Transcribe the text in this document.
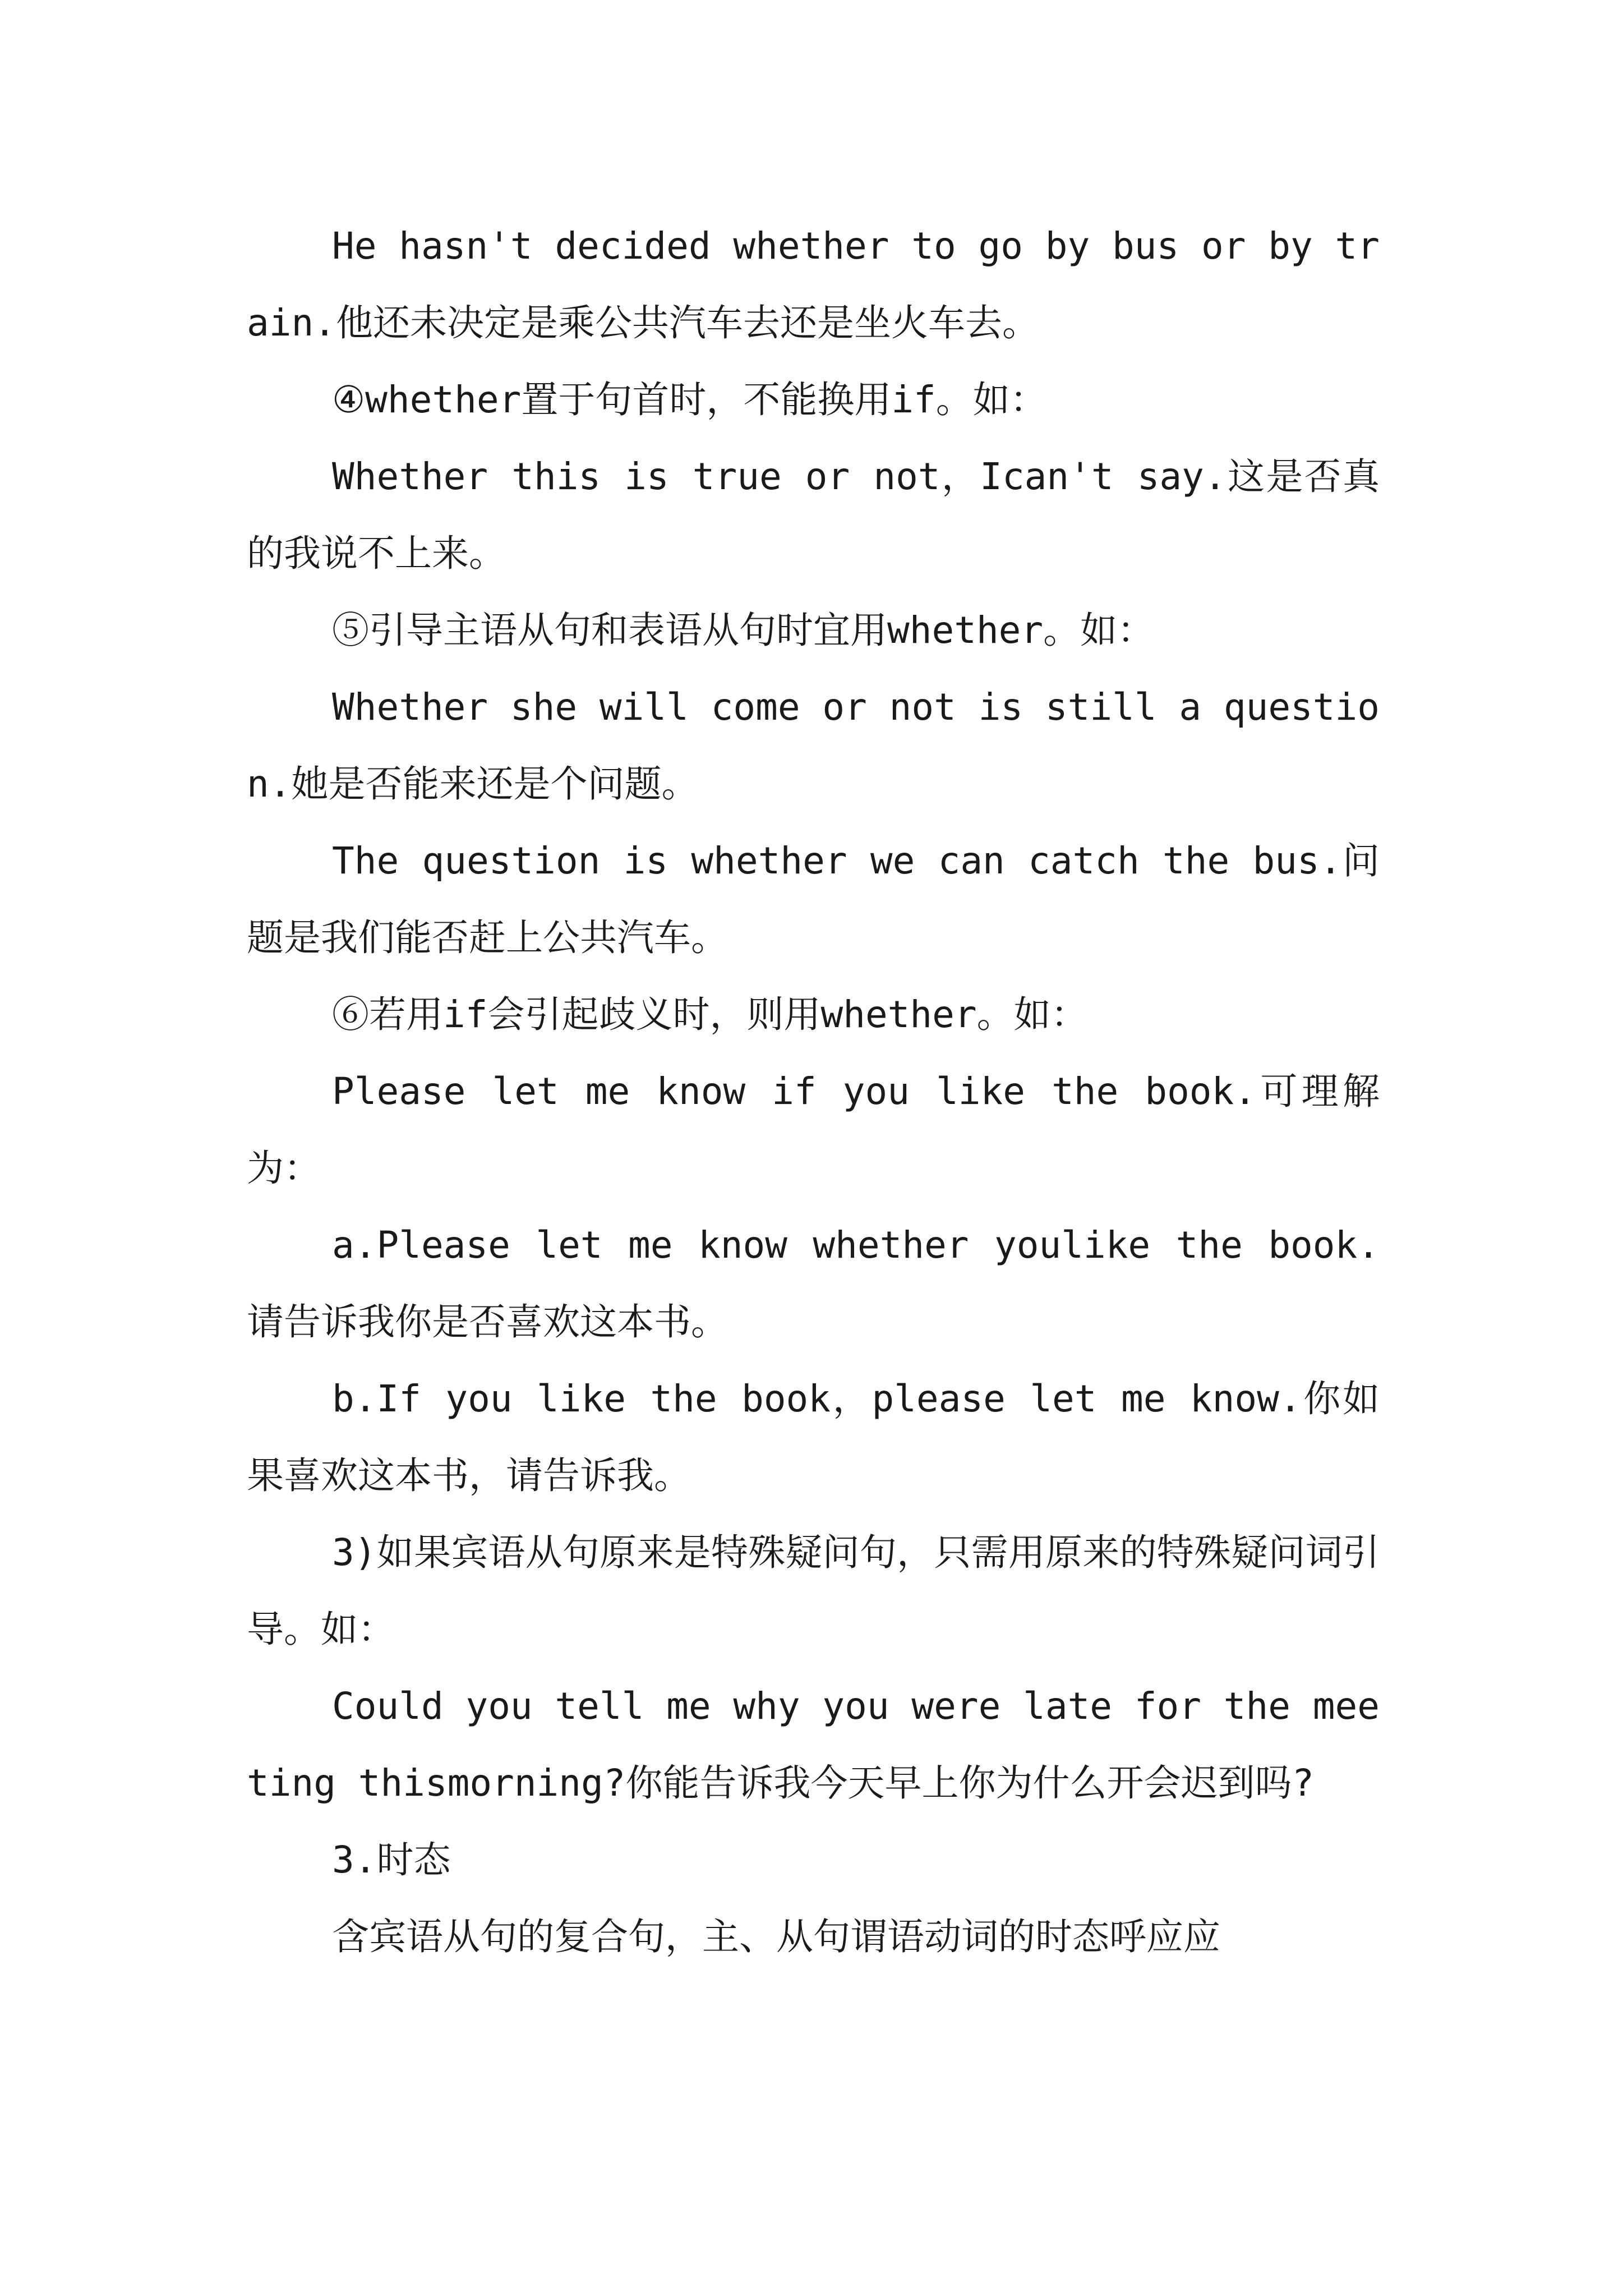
He hasn't decided whether to go by bus or by train.他还未决定是乘公共汽车去还是坐火车去。

④whether置于句首时，不能换用if。如：

Whether this is true or not，Ican't say.这是否真的我说不上来。

⑤引导主语从句和表语从句时宜用whether。如：

Whether she will come or not is still a question.她是否能来还是个问题。

The question is whether we can catch the bus.问题是我们能否赶上公共汽车。

⑥若用if会引起歧义时，则用whether。如：

Please let me know if you like the book.可理解为：

a.Please let me know whether youlike the book.请告诉我你是否喜欢这本书。

b.If you like the book，please let me know.你如果喜欢这本书，请告诉我。

3)如果宾语从句原来是特殊疑问句，只需用原来的特殊疑问词引导。如：

Could you tell me why you were late for the meeting thismorning?你能告诉我今天早上你为什么开会迟到吗?

3.时态

含宾语从句的复合句，主、从句谓语动词的时态呼应应
